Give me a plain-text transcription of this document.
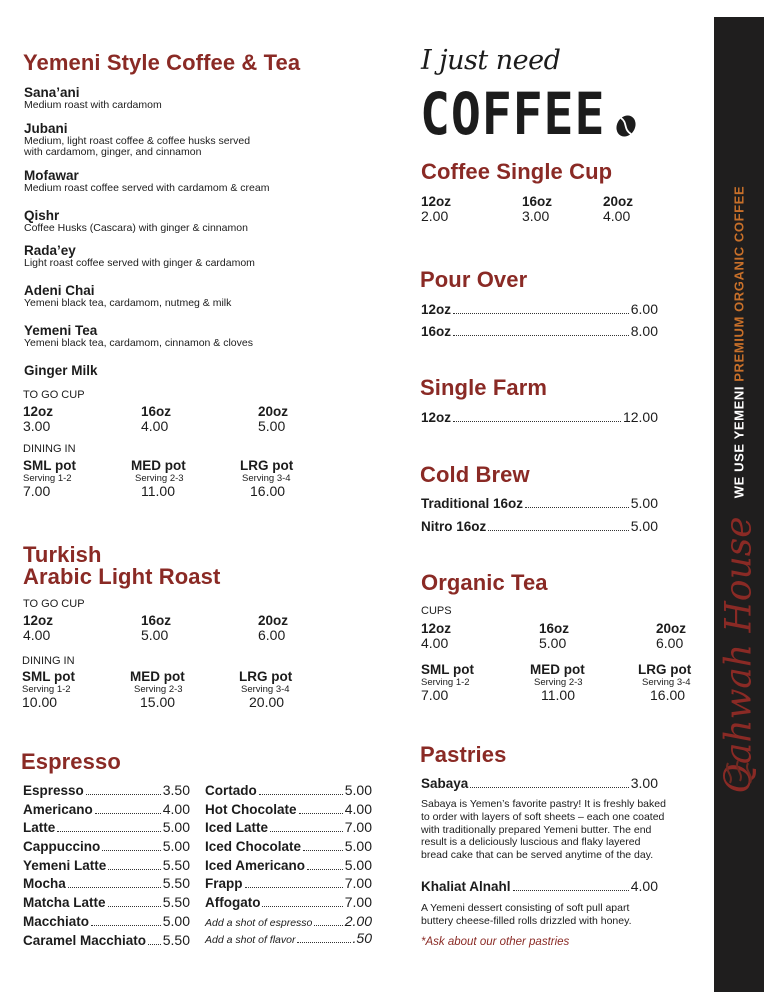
Yemeni Style Coffee & Tea
Sana’ani
Medium roast with cardamom
Jubani
Medium, light roast coffee & coffee husks served
with cardamom, ginger, and cinnamon
Mofawar
Medium roast coffee served with cardamom & cream
Qishr
Coffee Husks (Cascara) with ginger & cinnamon
Rada’ey
Light roast coffee served with ginger & cardamom
Adeni Chai
Yemeni black tea, cardamom, nutmeg & milk
Yemeni Tea
Yemeni black tea, cardamom, cinnamon & cloves
Ginger Milk
TO GO CUP
12oz
3.00
16oz
4.00
20oz
5.00
DINING IN
SML pot
Serving 1-2
7.00
MED pot
Serving 2-3
11.00
LRG pot
Serving 3-4
16.00
Turkish
Arabic Light Roast
TO GO CUP
12oz
4.00
16oz
5.00
20oz
6.00
DINING IN
SML pot
Serving 1-2
10.00
MED pot
Serving 2-3
15.00
LRG pot
Serving 3-4
20.00
Espresso
Espresso	3.50
Americano	4.00
Latte	5.00
Cappuccino	5.00
Yemeni Latte	5.50
Mocha	5.50
Matcha Latte	5.50
Macchiato	5.00
Caramel Macchiato 5.50
Cortado	5.00
Hot Chocolate	4.00
Iced Latte	7.00
Iced Chocolate	5.00
Iced Americano	5.00
Frapp	7.00
Affogato	7.00
Add a shot of espresso 2.00
Add a shot of flavor	.50
I just need
COFFEE
Coffee Single Cup
12oz
2.00
16oz
3.00
20oz
4.00
Pour Over
12oz	6.00
16oz	8.00
Single Farm
12oz	12.00
Cold Brew
Traditional 16oz	5.00
Nitro 16oz	5.00
Organic Tea
CUPS
12oz
4.00
16oz
5.00
20oz
6.00
SML pot
Serving 1-2
7.00
MED pot
Serving 2-3
11.00
LRG pot
Serving 3-4
16.00
Pastries
Sabaya	3.00
Sabaya is Yemen’s favorite pastry! It is freshly baked
to order with layers of soft sheets – each one coated
with traditionally prepared Yemeni butter. The end
result is a deliciously luscious and flaky layered
bread cake that can be served anytime of the day.
Khaliat Alnahl	4.00
A Yemeni dessert consisting of soft pull apart
buttery cheese-filled rolls drizzled with honey.
*Ask about our other pastries
WE USE YEMENI PREMIUM ORGANIC COFFEE
Qahwah House
